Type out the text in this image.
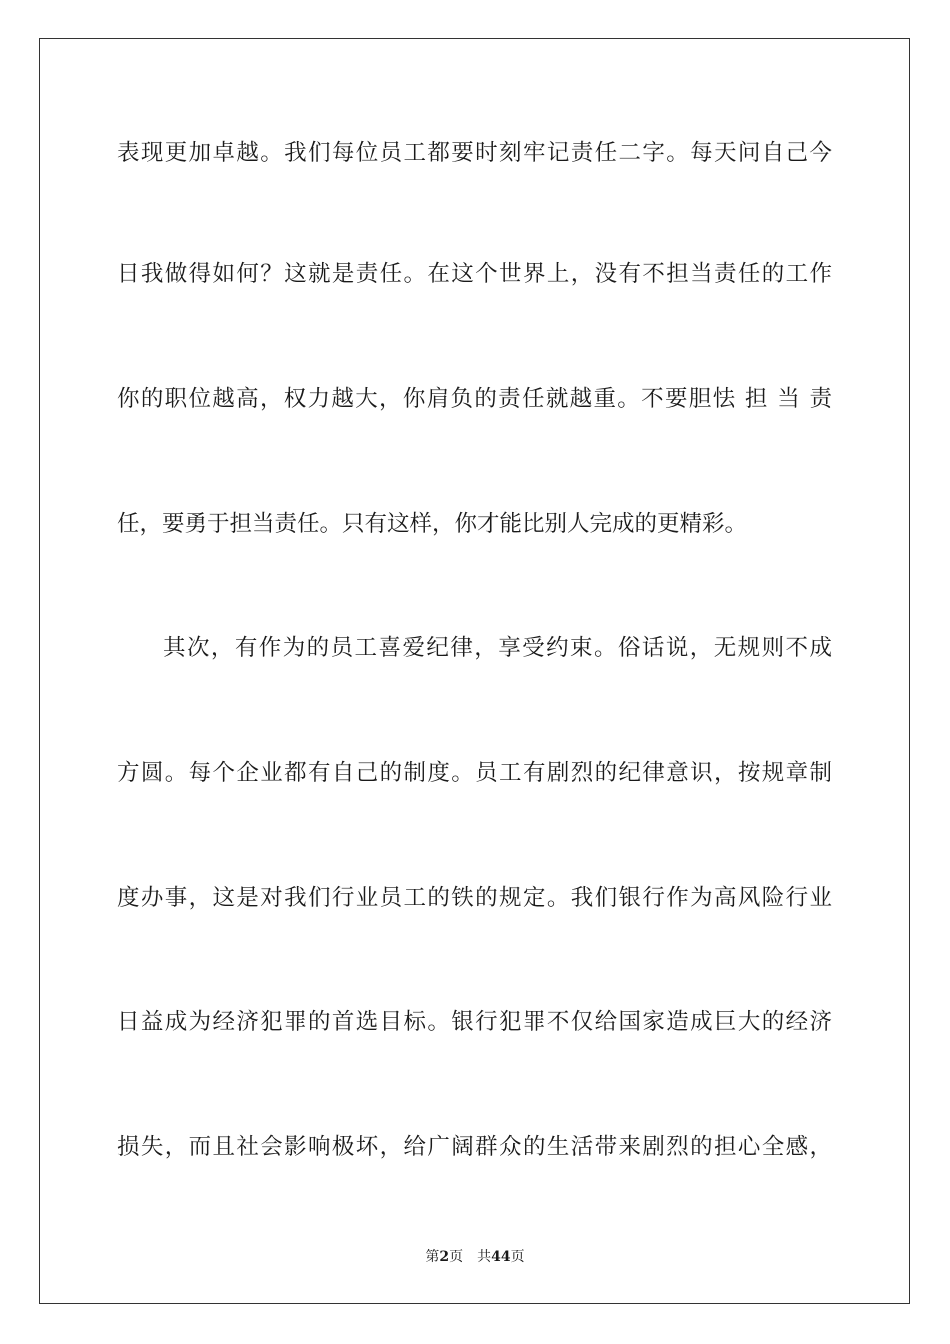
表现更加卓越。我们每位员工都要时刻牢记责任二字。每天问自己今
日我做得如何？这就是责任。在这个世界上，没有不担当责任的工作
你的职位越高，权力越大，你肩负的责任就越重。不要胆怯 担 当 责
任，要勇于担当责任。只有这样，你才能比别人完成的更精彩。
其次，有作为的员工喜爱纪律，享受约束。俗话说，无规则不成
方圆。每个企业都有自己的制度。员工有剧烈的纪律意识，按规章制
度办事，这是对我们行业员工的铁的规定。我们银行作为高风险行业
日益成为经济犯罪的首选目标。银行犯罪不仅给国家造成巨大的经济
损失，而且社会影响极坏，给广阔群众的生活带来剧烈的担心全感，
第2页 共44页
